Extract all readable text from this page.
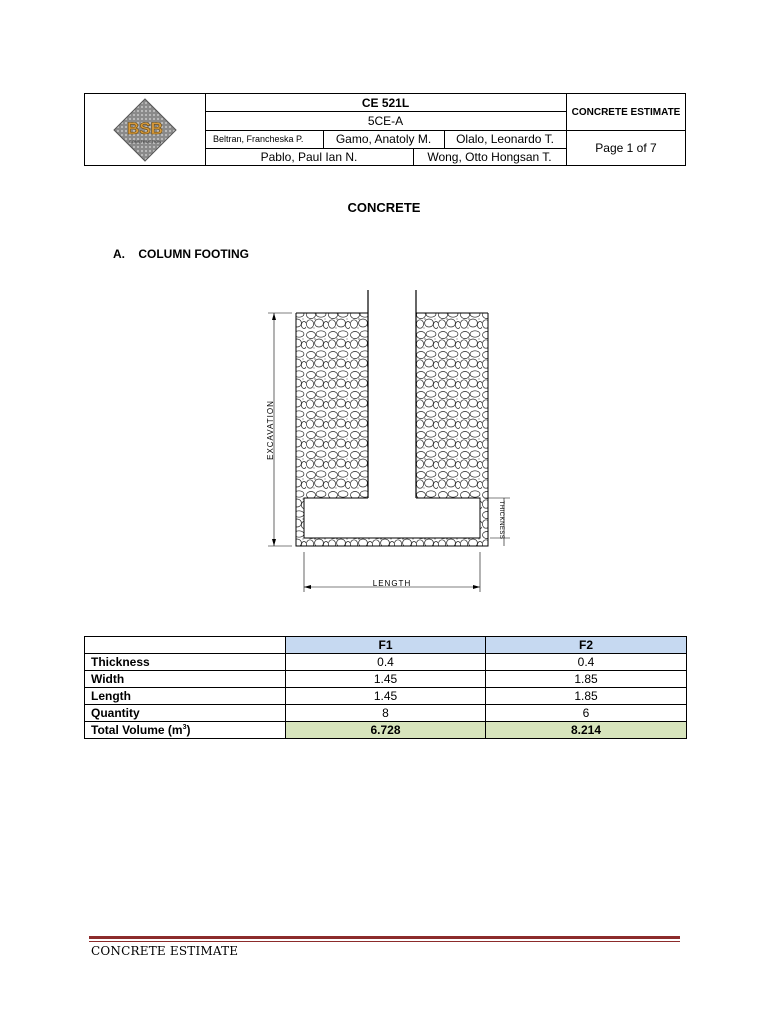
BSB
CONSTRUCTION
CE 521L
5CE-A
Beltran, Francheska P.	Gamo, Anatoly M.	Olalo, Leonardo T.
Pablo, Paul Ian N.	Wong, Otto Hongsan T.
CONCRETE ESTIMATE
Page 1 of 7
CONCRETE
A. COLUMN FOOTING
EXCAVATION
THICKNESS
LENGTH
	F1	F2
Thickness	0.4	0.4
Width	1.45	1.85
Length	1.45	1.85
Quantity	8	6
Total Volume $(m^3)$	6.728	8.214
CONCRETE ESTIMATE
